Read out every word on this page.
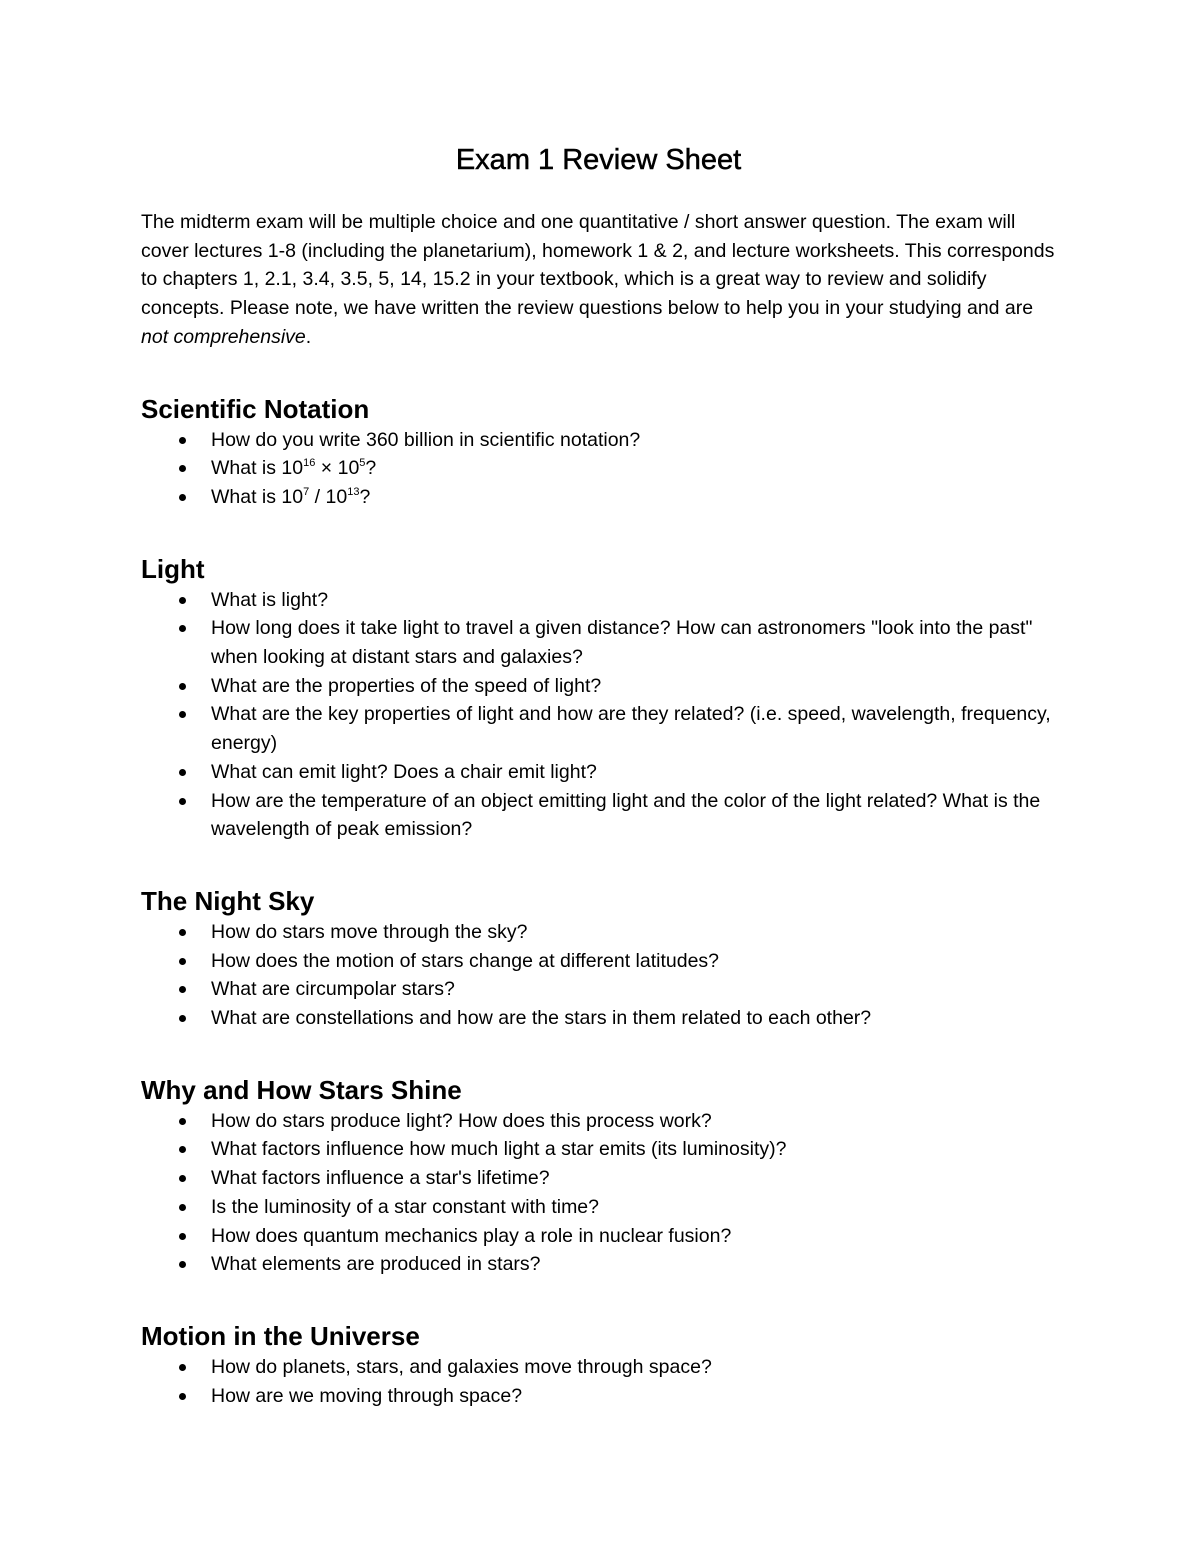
Exam 1 Review Sheet

The midterm exam will be multiple choice and one quantitative / short answer question. The exam will cover lectures 1-8 (including the planetarium), homework 1 & 2, and lecture worksheets. This corresponds to chapters 1, 2.1, 3.4, 3.5, 5, 14, 15.2 in your textbook, which is a great way to review and solidify concepts. Please note, we have written the review questions below to help you in your studying and are not comprehensive.

Scientific Notation
How do you write 360 billion in scientific notation?
What is $10^{16} \times 10^5$?
What is $10^7 / 10^{13}$?
Light
What is light?
How long does it take light to travel a given distance? How can astronomers "look into the past" when looking at distant stars and galaxies?
What are the properties of the speed of light?
What are the key properties of light and how are they related? (i.e. speed, wavelength, frequency, energy)
What can emit light? Does a chair emit light?
How are the temperature of an object emitting light and the color of the light related? What is the wavelength of peak emission?
The Night Sky
How do stars move through the sky?
How does the motion of stars change at different latitudes?
What are circumpolar stars?
What are constellations and how are the stars in them related to each other?
Why and How Stars Shine
How do stars produce light? How does this process work?
What factors influence how much light a star emits (its luminosity)?
What factors influence a star's lifetime?
Is the luminosity of a star constant with time?
How does quantum mechanics play a role in nuclear fusion?
What elements are produced in stars?
Motion in the Universe
How do planets, stars, and galaxies move through space?
How are we moving through space?
